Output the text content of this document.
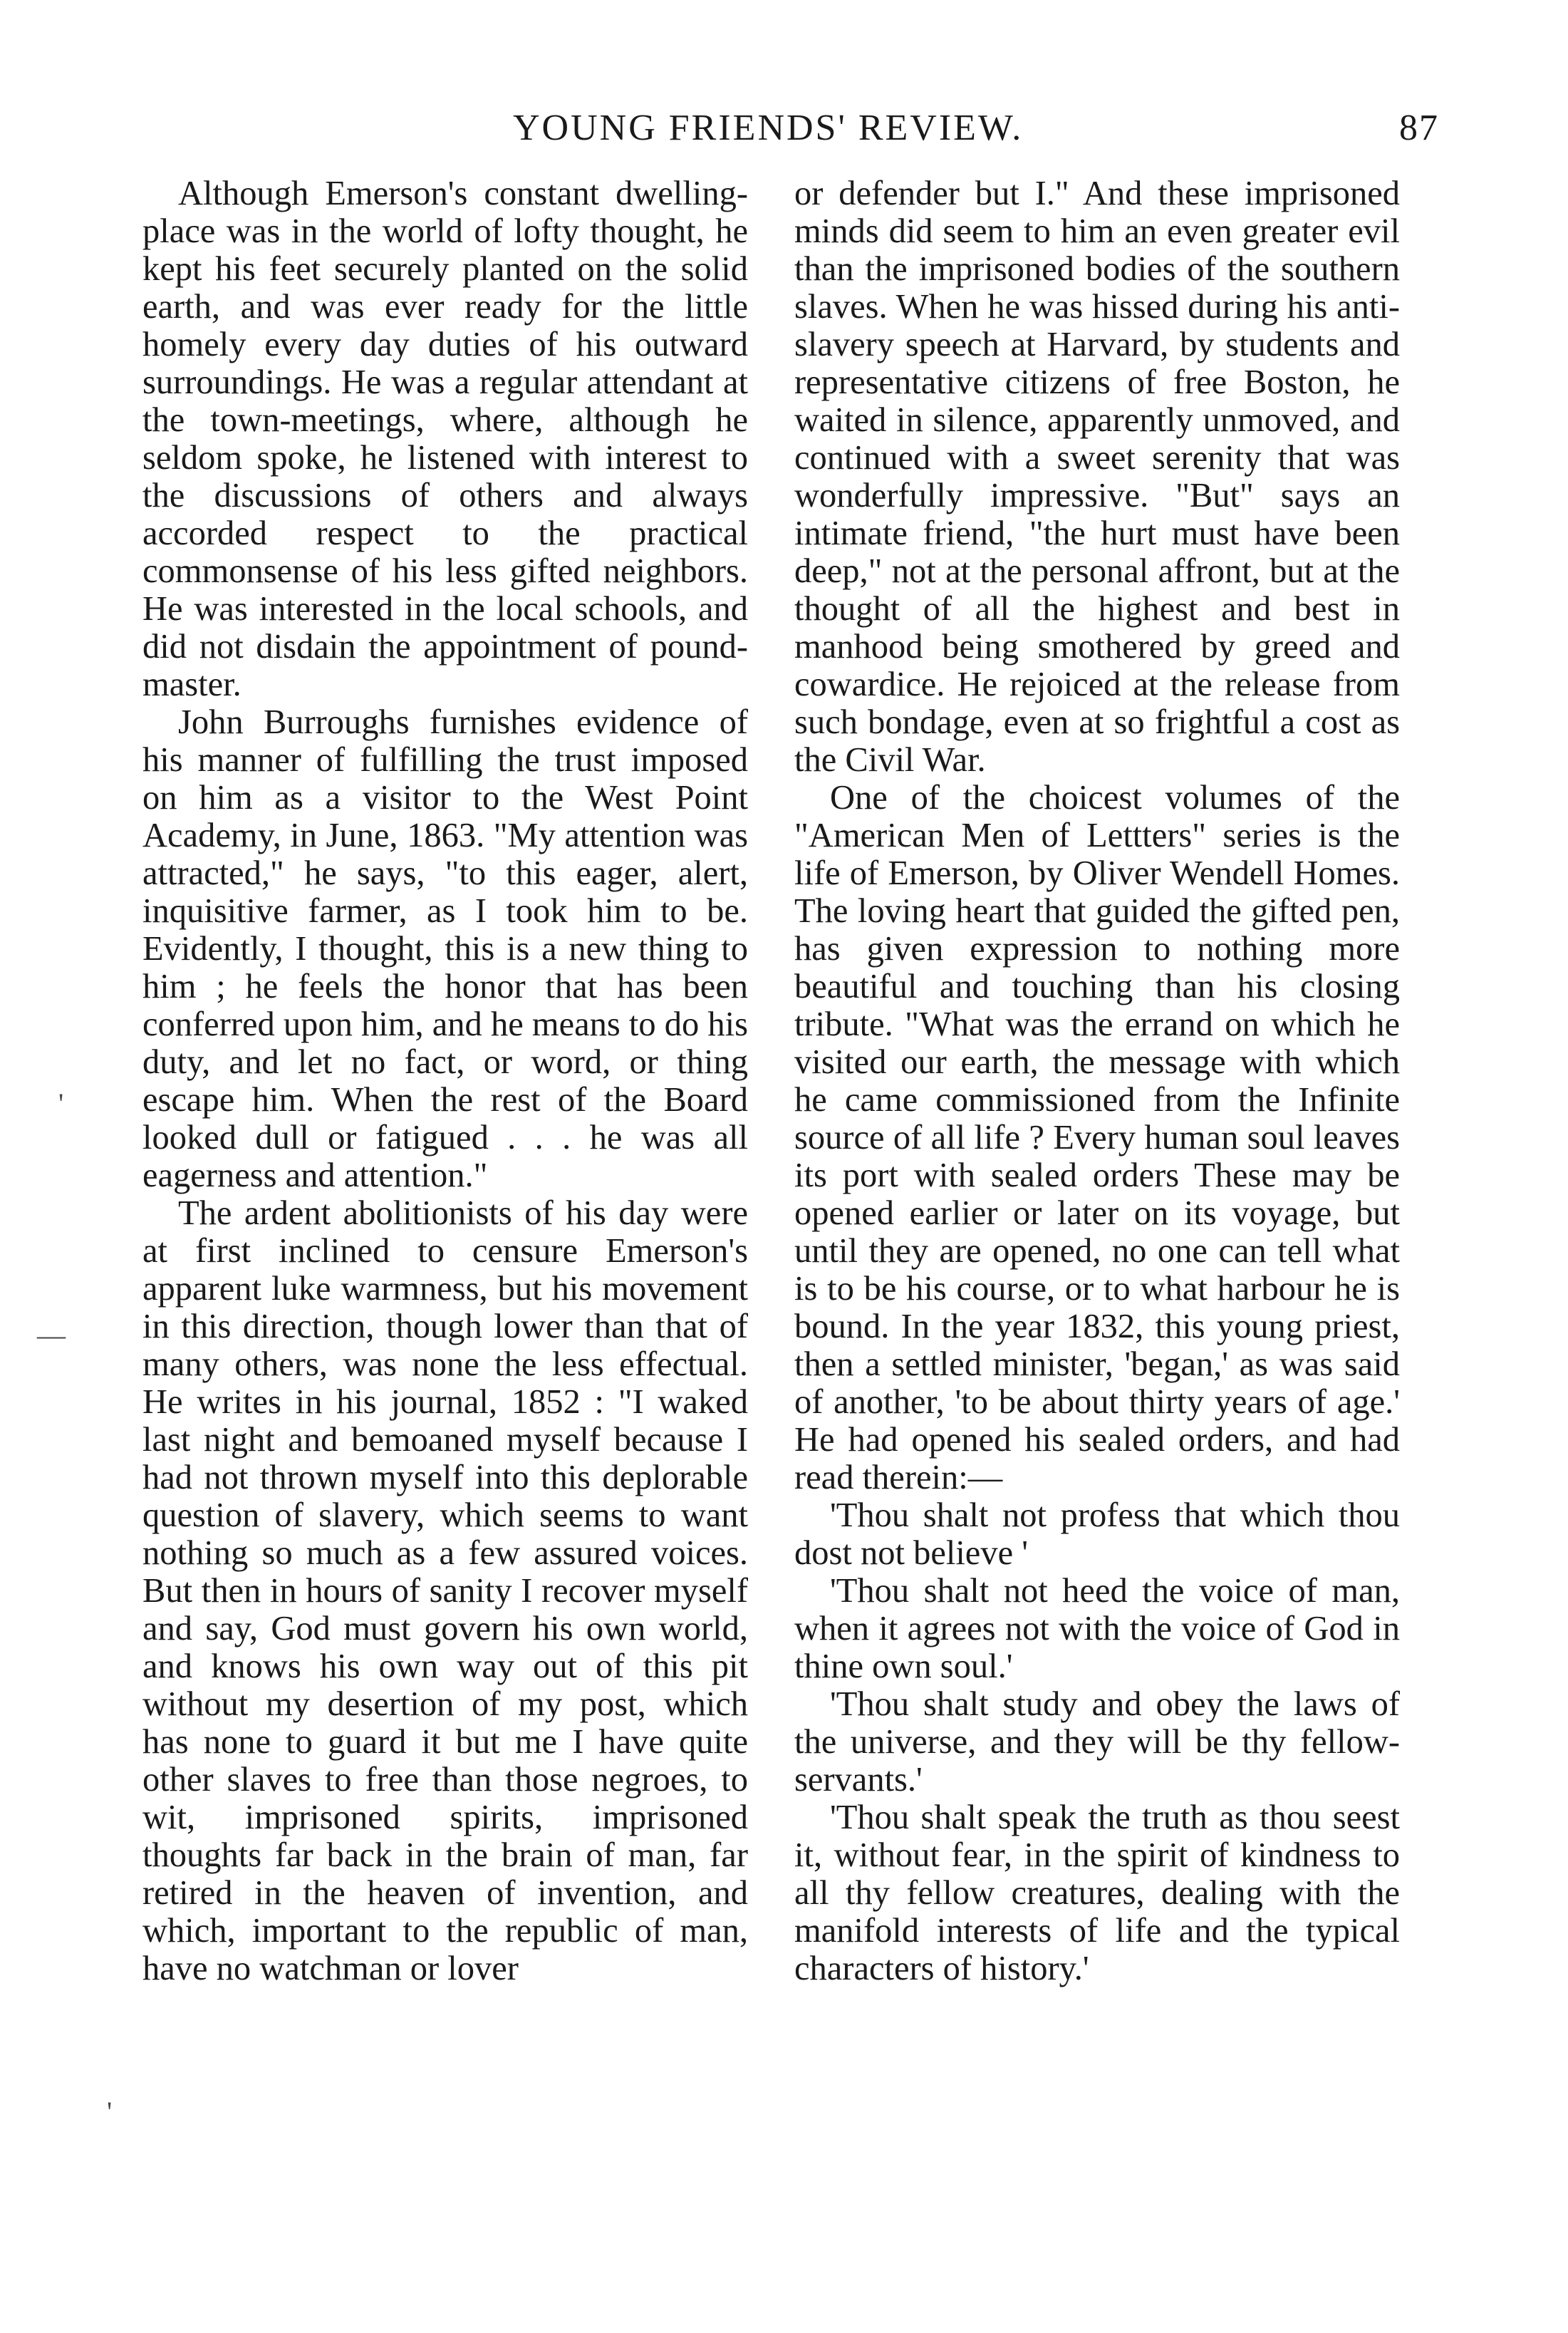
YOUNG FRIENDS' REVIEW.	87
'
—
'

Although Emerson's constant dwelling-place was in the world of lofty thought, he kept his feet securely planted on the solid earth, and was ever ready for the little homely every day duties of his outward surroundings. He was a regular attendant at the town-meetings, where, although he seldom spoke, he listened with interest to the discussions of others and always accorded respect to the practical commonsense of his less gifted neighbors. He was interested in the local schools, and did not disdain the appointment of pound-master.

John Burroughs furnishes evidence of his manner of fulfilling the trust imposed on him as a visitor to the West Point Academy, in June, 1863. "My attention was attracted," he says, "to this eager, alert, inquisitive farmer, as I took him to be. Evidently, I thought, this is a new thing to him ; he feels the honor that has been conferred upon him, and he means to do his duty, and let no fact, or word, or thing escape him. When the rest of the Board looked dull or fatigued . . . he was all eagerness and attention."

The ardent abolitionists of his day were at first inclined to censure Emerson's apparent luke warmness, but his movement in this direction, though lower than that of many others, was none the less effectual. He writes in his journal, 1852 : "I waked last night and bemoaned myself because I had not thrown myself into this deplorable question of slavery, which seems to want nothing so much as a few assured voices. But then in hours of sanity I recover myself and say, God must govern his own world, and knows his own way out of this pit without my desertion of my post, which has none to guard it but me I have quite other slaves to free than those negroes, to wit, imprisoned spirits, imprisoned thoughts far back in the brain of man, far retired in the heaven of invention, and which, important to the republic of man, have no watchman or lover

or defender but I." And these imprisoned minds did seem to him an even greater evil than the imprisoned bodies of the southern slaves. When he was hissed during his anti-slavery speech at Harvard, by students and representative citizens of free Boston, he waited in silence, apparently unmoved, and continued with a sweet serenity that was wonderfully impressive. "But" says an intimate friend, "the hurt must have been deep," not at the personal affront, but at the thought of all the highest and best in manhood being smothered by greed and cowardice. He rejoiced at the release from such bondage, even at so frightful a cost as the Civil War.

One of the choicest volumes of the "American Men of Lettters" series is the life of Emerson, by Oliver Wendell Homes. The loving heart that guided the gifted pen, has given expression to nothing more beautiful and touching than his closing tribute. "What was the errand on which he visited our earth, the message with which he came commissioned from the Infinite source of all life ? Every human soul leaves its port with sealed orders These may be opened earlier or later on its voyage, but until they are opened, no one can tell what is to be his course, or to what harbour he is bound. In the year 1832, this young priest, then a settled minister, 'began,' as was said of another, 'to be about thirty years of age.' He had opened his sealed orders, and had read therein:—

'Thou shalt not profess that which thou dost not believe '

'Thou shalt not heed the voice of man, when it agrees not with the voice of God in thine own soul.'

'Thou shalt study and obey the laws of the universe, and they will be thy fellow-servants.'

'Thou shalt speak the truth as thou seest it, without fear, in the spirit of kindness to all thy fellow creatures, dealing with the manifold interests of life and the typical characters of history.'
